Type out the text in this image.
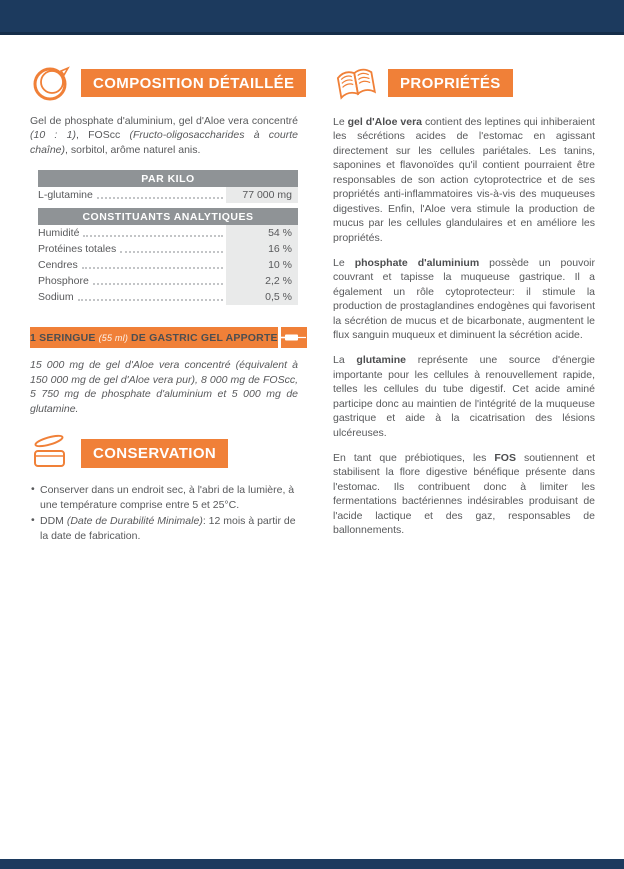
COMPOSITION DÉTAILLÉE

Gel de phosphate d'aluminium, gel d'Aloe vera concentré (10 : 1), FOScc (Fructo-oligosaccharides à courte chaîne), sorbitol, arôme naturel anis.

PAR KILO
L-glutamine	77 000 mg
CONSTITUANTS ANALYTIQUES
Humidité	54 %
Protéines totales	16 %
Cendres	10 %
Phosphore	2,2 %
Sodium	0,5 %
1 SERINGUE (55 ml) DE GASTRIC GEL APPORTE

15 000 mg de gel d'Aloe vera concentré (équivalent à 150 000 mg de gel d'Aloe vera pur), 8 000 mg de FOScc, 5 750 mg de phosphate d'aluminium et 5 000 mg de glutamine.

CONSERVATION
• Conserver dans un endroit sec, à l'abri de la lumière, à une température comprise entre 5 et 25°C.
• DDM (Date de Durabilité Minimale): 12 mois à partir de la date de fabrication.
PROPRIÉTÉS

Le gel d'Aloe vera contient des leptines qui inhiberaient les sécrétions acides de l'estomac en agissant directement sur les cellules pariétales. Les tanins, saponines et flavonoïdes qu'il contient pourraient être responsables de son action cytoprotectrice et de ses propriétés anti-inflammatoires vis-à-vis des muqueuses digestives. Enfin, l'Aloe vera stimule la production de mucus par les cellules glandulaires et en améliore les propriétés.

Le phosphate d'aluminium possède un pouvoir couvrant et tapisse la muqueuse gastrique. Il a également un rôle cytoprotecteur: il stimule la production de prostaglandines endogènes qui favorisent la sécrétion de mucus et de bicarbonate, augmentent le flux sanguin muqueux et diminuent la sécrétion acide.

La glutamine représente une source d'énergie importante pour les cellules à renouvellement rapide, telles les cellules du tube digestif. Cet acide aminé participe donc au maintien de l'intégrité de la muqueuse gastrique et aide à la cicatrisation des lésions ulcéreuses.

En tant que prébiotiques, les FOS soutiennent et stabilisent la flore digestive bénéfique présente dans l'estomac. Ils contribuent donc à limiter les fermentations bactériennes indésirables produisant de l'acide lactique et des gaz, responsables de ballonnements.
